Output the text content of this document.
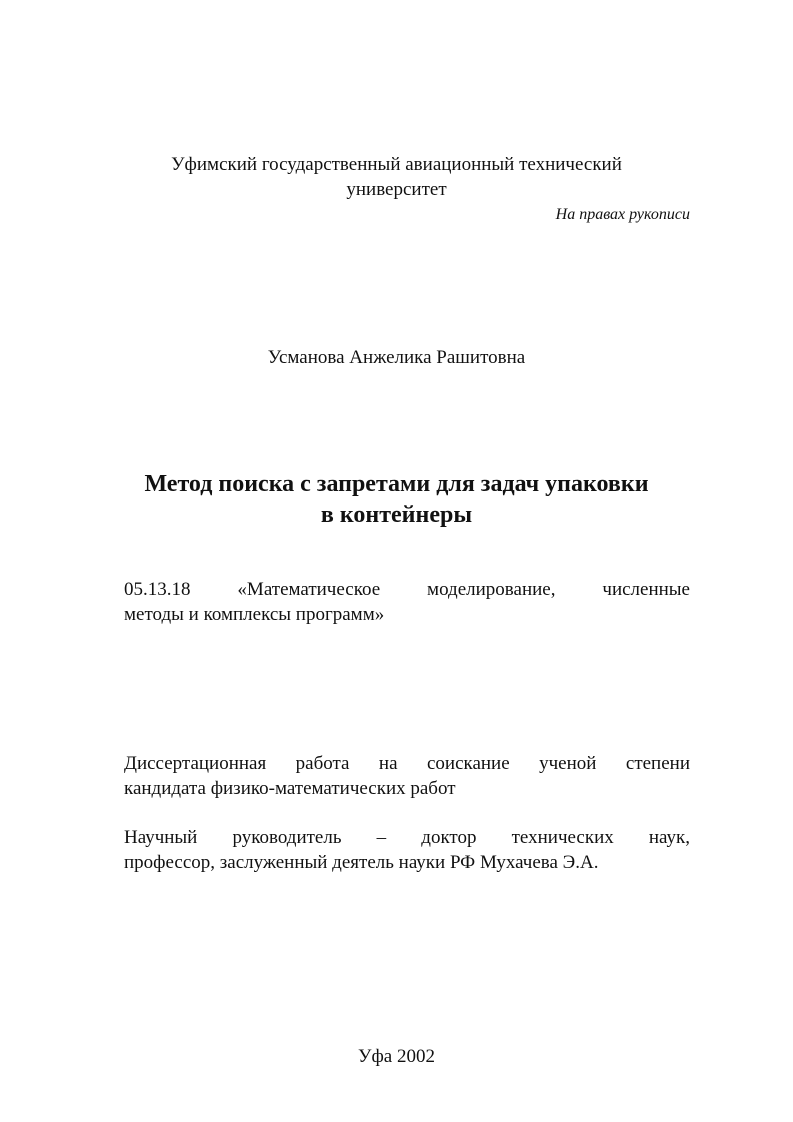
Уфимский государственный авиационный технический
университет
На правах рукописи
Усманова Анжелика Рашитовна
Метод поиска с запретами для задач упаковки
в контейнеры
05.13.18 «Математическое моделирование, численные
методы и комплексы программ»
Диссертационная работа на соискание ученой степени
кандидата физико-математических работ
Научный руководитель – доктор технических наук,
профессор, заслуженный деятель науки РФ Мухачева Э.А.
Уфа 2002
